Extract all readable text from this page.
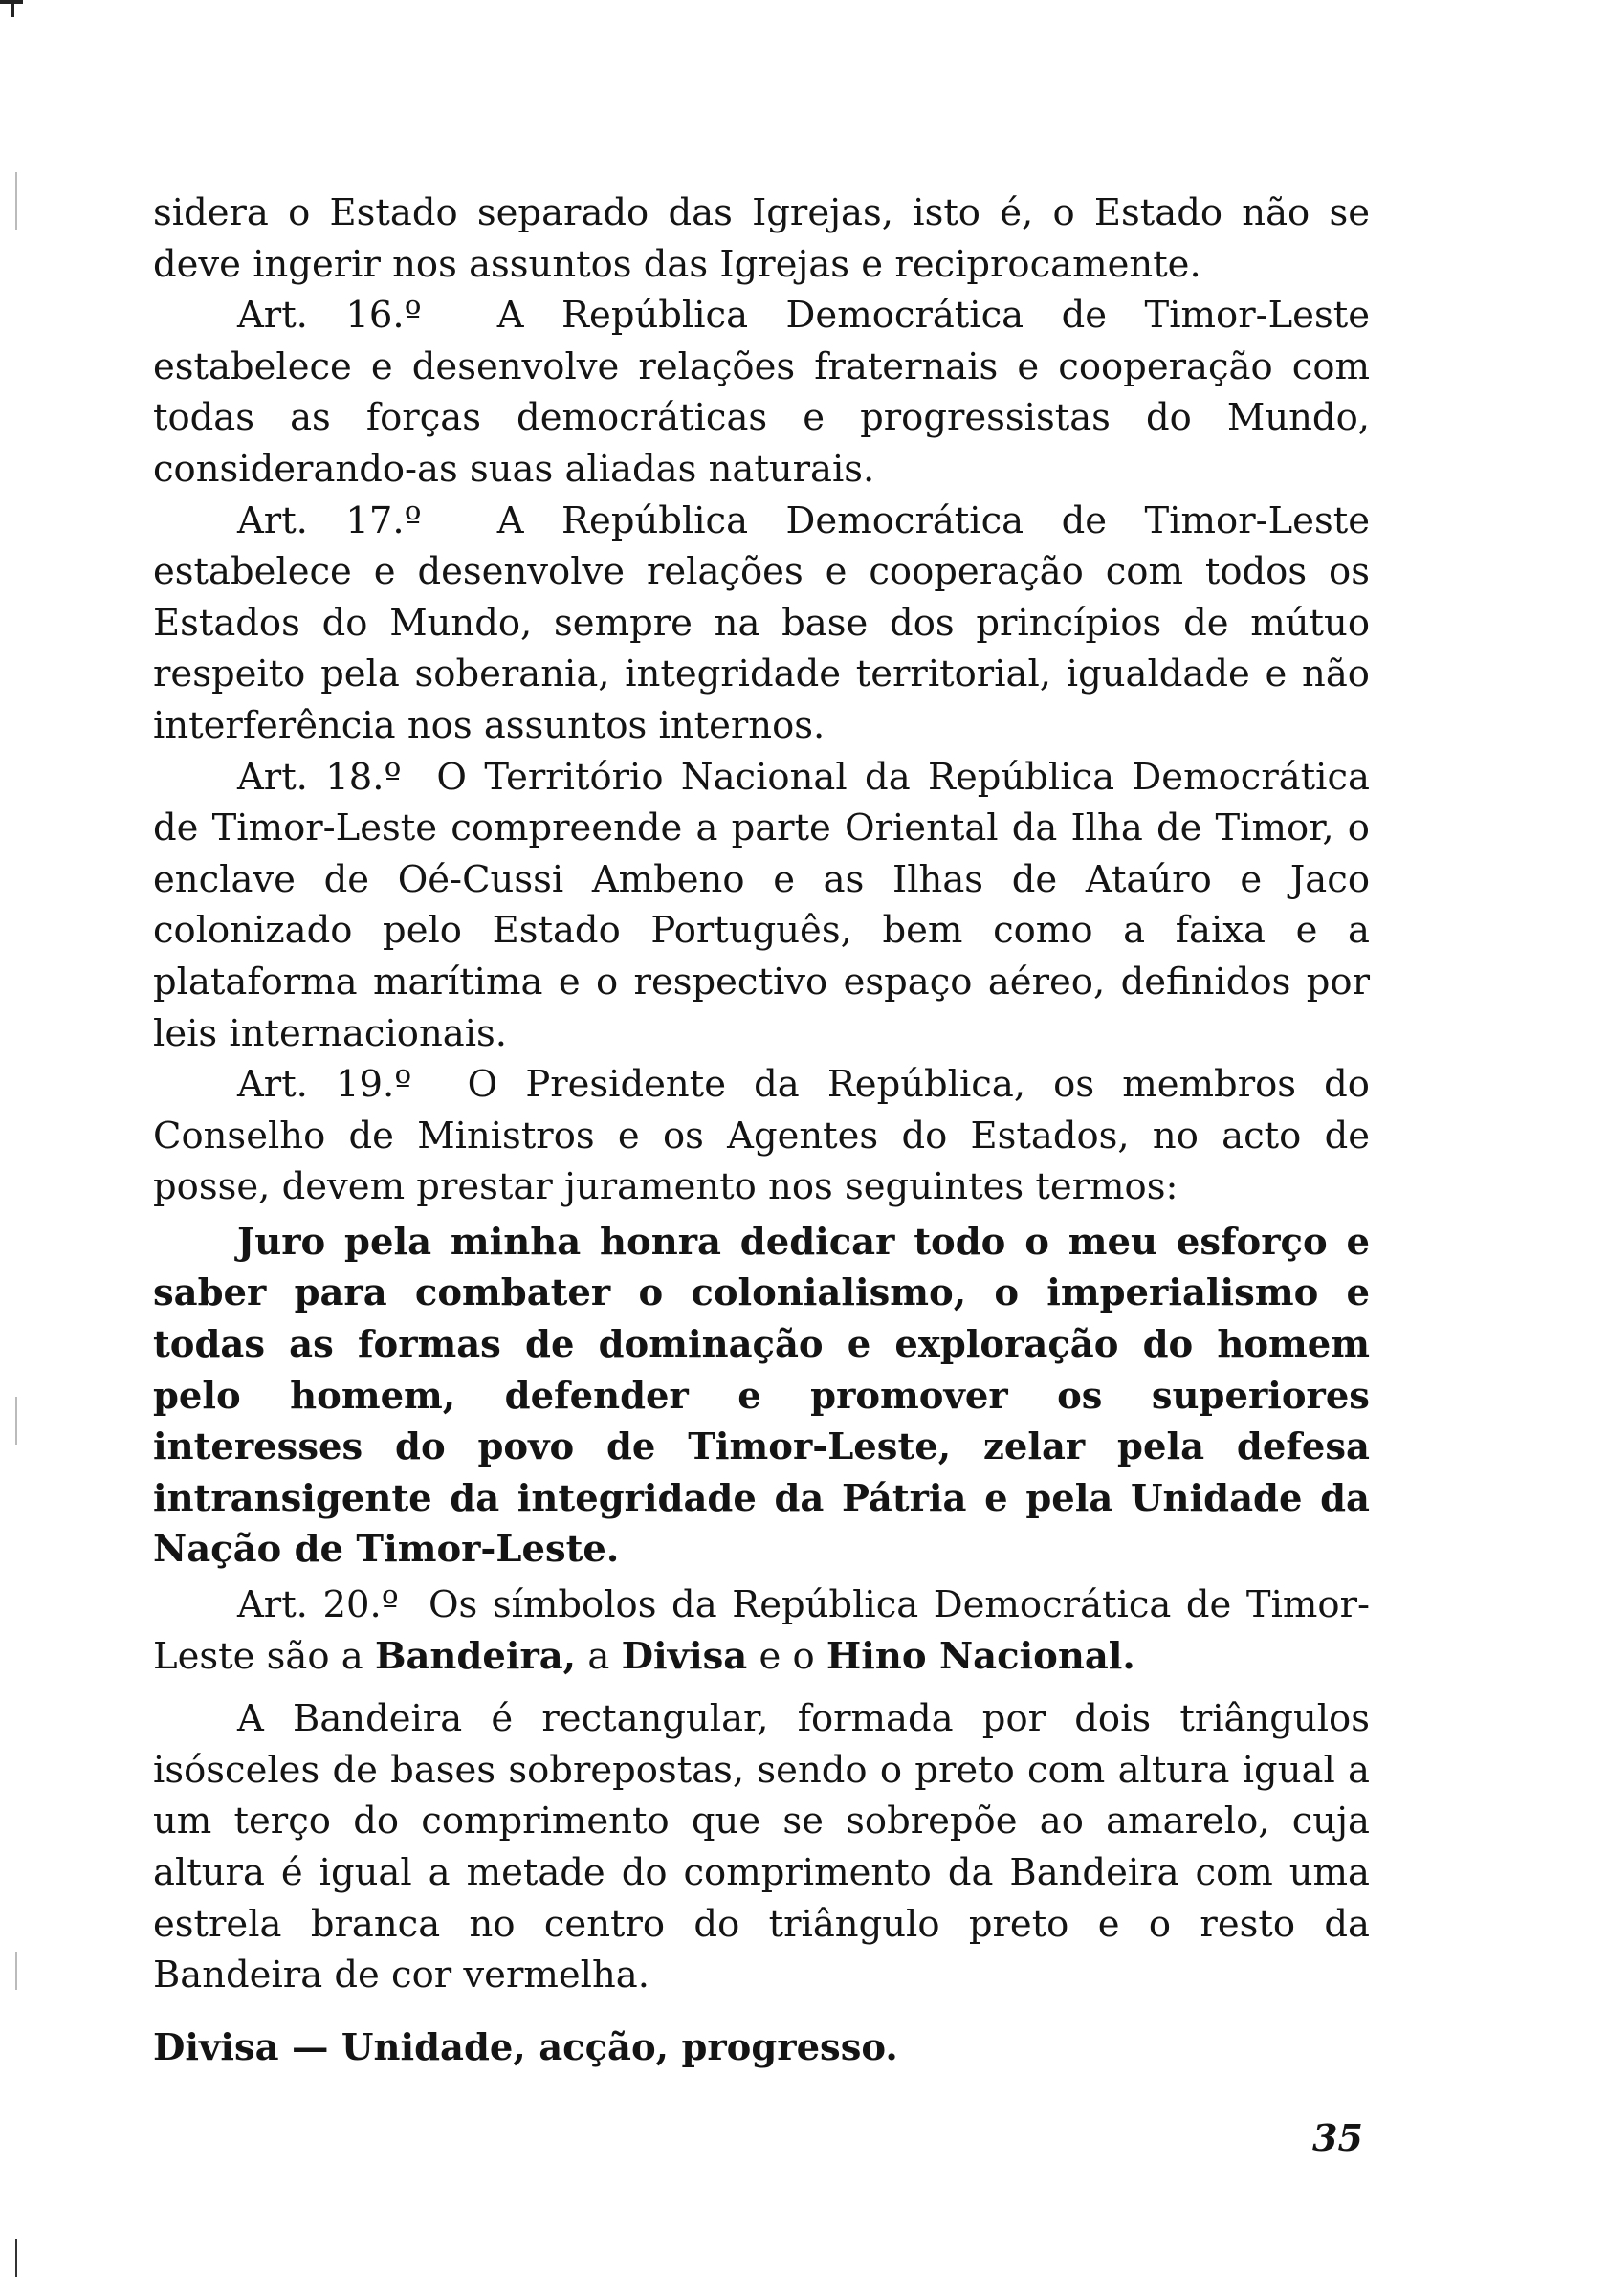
sidera o Estado separado das Igrejas, isto é, o Estado não se deve ingerir nos assuntos das Igrejas e reciprocamente.

Art. 16.º A República Democrática de Timor-Leste estabelece e desenvolve relações fraternais e cooperação com todas as forças democráticas e progressistas do Mundo, considerando-as suas aliadas naturais.

Art. 17.º A República Democrática de Timor-Leste estabelece e desenvolve relações e cooperação com todos os Estados do Mundo, sempre na base dos princípios de mútuo respeito pela soberania, integridade territorial, igualdade e não interferência nos assuntos internos.

Art. 18.º O Território Nacional da República Democrática de Timor-Leste compreende a parte Oriental da Ilha de Timor, o enclave de Oé-Cussi Ambeno e as Ilhas de Ataúro e Jaco colonizado pelo Estado Português, bem como a faixa e a plataforma marítima e o respectivo espaço aéreo, definidos por leis internacionais.

Art. 19.º O Presidente da República, os membros do Conselho de Ministros e os Agentes do Estados, no acto de posse, devem prestar juramento nos seguintes termos:

Juro pela minha honra dedicar todo o meu esforço e saber para combater o colonialismo, o imperialismo e todas as formas de dominação e exploração do homem pelo homem, defender e promover os superiores interesses do povo de Timor-Leste, zelar pela defesa intransigente da integridade da Pátria e pela Unidade da Nação de Timor-Leste.

Art. 20.º Os símbolos da República Democrática de Timor-Leste são a Bandeira, a Divisa e o Hino Nacional.

A Bandeira é rectangular, formada por dois triângulos isósceles de bases sobrepostas, sendo o preto com altura igual a um terço do comprimento que se sobrepõe ao amarelo, cuja altura é igual a metade do comprimento da Bandeira com uma estrela branca no centro do triângulo preto e o resto da Bandeira de cor vermelha.

Divisa — Unidade, acção, progresso.

35
